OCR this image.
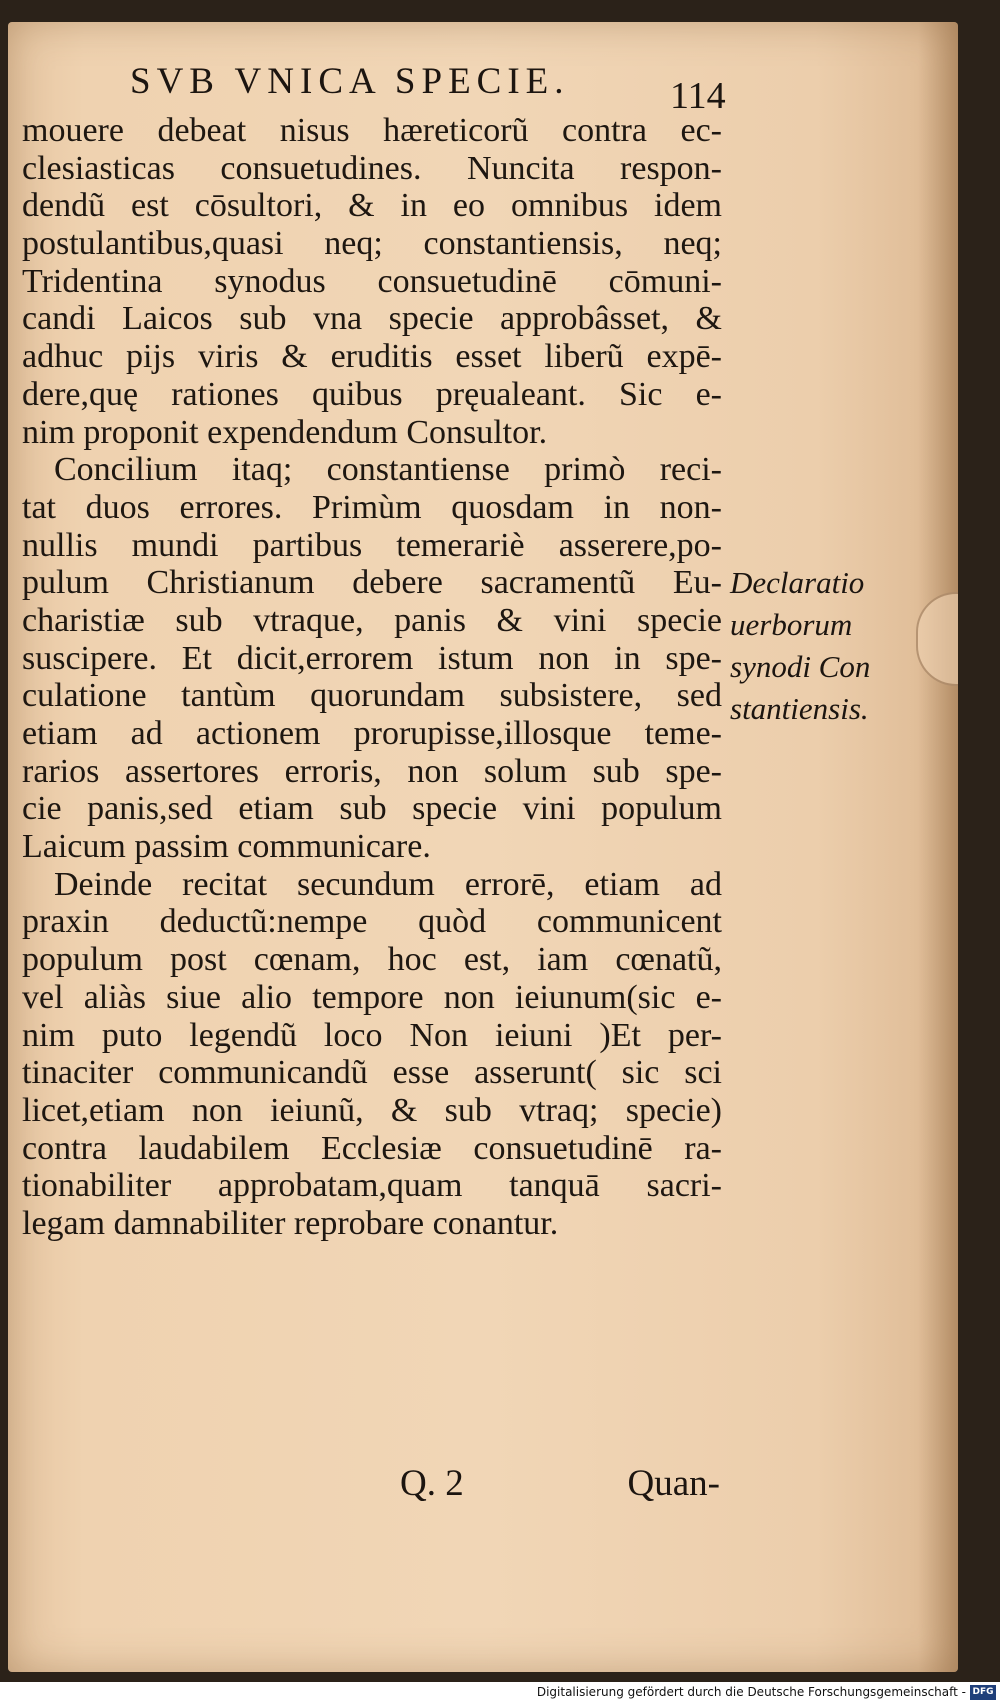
SVB VNICA SPECIE.	114
mouere debeat nisus hæreticorũ contra ec-
clesiasticas consuetudines. Nuncita respon-
dendũ est cōsultori, & in eo omnibus idem
postulantibus,quasi neq; constantiensis, neq;
Tridentina synodus consuetudinē cōmuni-
candi Laicos sub vna specie approbâsset, &
adhuc pijs viris & eruditis esset liberũ expē-
dere,quę rationes quibus pręualeant. Sic e-
nim proponit expendendum Consultor.
Concilium itaq; constantiense primò reci-
tat duos errores. Primùm quosdam in non-
nullis mundi partibus temerariè asserere,po-
pulum Christianum debere sacramentũ Eu-
charistiæ sub vtraque, panis & vini specie
suscipere. Et dicit,errorem istum non in spe-
culatione tantùm quorundam subsistere, sed
etiam ad actionem prorupisse,illosque teme-
rarios assertores erroris, non solum sub spe-
cie panis,sed etiam sub specie vini populum
Laicum passim communicare.
Deinde recitat secundum errorē, etiam ad
praxin deductũ:nempe quòd communicent
populum post cœnam, hoc est, iam cœnatũ,
vel aliàs siue alio tempore non ieiunum(sic e-
nim puto legendũ loco Non ieiuni )Et per-
tinaciter communicandũ esse asserunt( sic sci
licet,etiam non ieiunũ, & sub vtraq; specie)
contra laudabilem Ecclesiæ consuetudinē ra-
tionabiliter approbatam,quam tanquā sacri-
legam damnabiliter reprobare conantur.
Declaratio
uerborum
synodi Con
stantiensis.
Q. 2	Quan-
Digitalisierung gefördert durch die Deutsche Forschungsgemeinschaft - DFG
